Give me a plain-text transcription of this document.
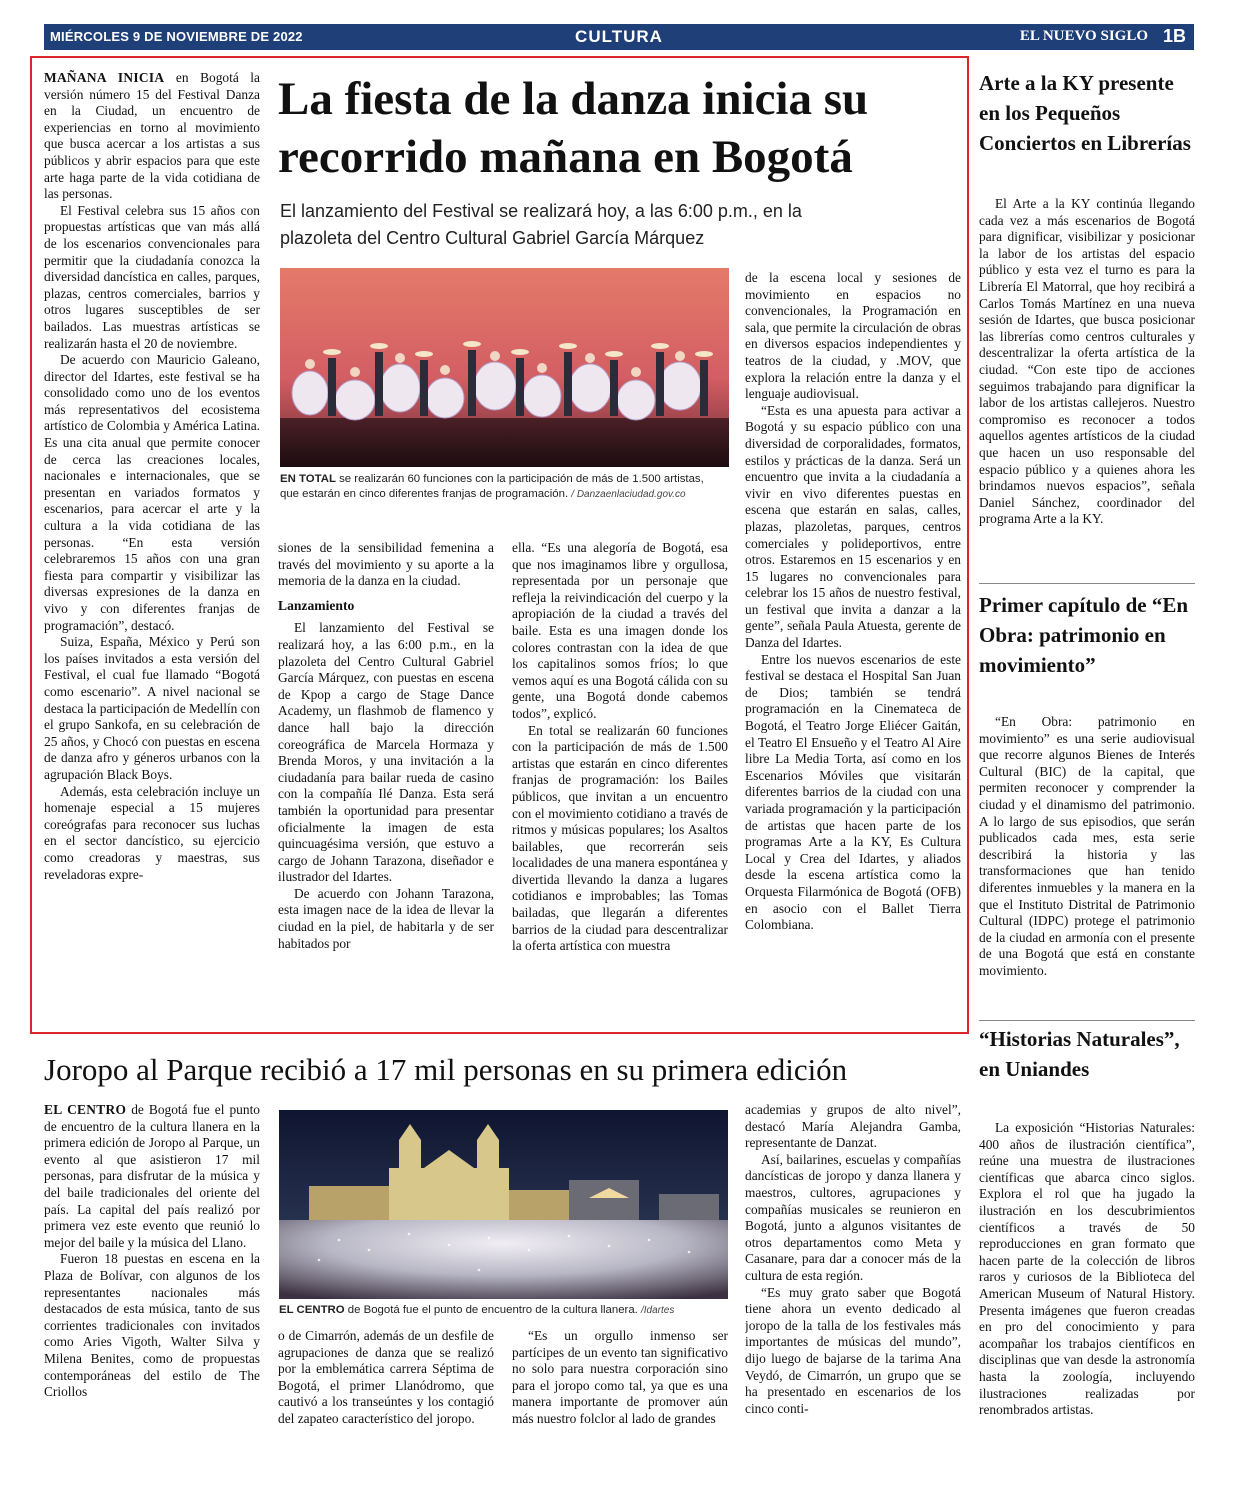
MIÉRCOLES 9 DE NOVIEMBRE DE 2022	CULTURA	EL NUEVO SIGLO 1B

MAÑANA INICIA en Bogotá la versión número 15 del Festival Danza en la Ciudad, un encuentro de experiencias en torno al movimiento que busca acercar a los artistas a sus públicos y abrir espacios para que este arte haga parte de la vida cotidiana de las personas.

El Festival celebra sus 15 años con propuestas artísticas que van más allá de los escenarios convencionales para permitir que la ciudadanía conozca la diversidad dancística en calles, parques, plazas, centros comerciales, barrios y otros lugares susceptibles de ser bailados. Las muestras artísticas se realizarán hasta el 20 de noviembre.

De acuerdo con Mauricio Galeano, director del Idartes, este festival se ha consolidado como uno de los eventos más representativos del ecosistema artístico de Colombia y América Latina. Es una cita anual que permite conocer de cerca las creaciones locales, nacionales e internacionales, que se presentan en variados formatos y escenarios, para acercar el arte y la cultura a la vida cotidiana de las personas. “En esta versión celebraremos 15 años con una gran fiesta para compartir y visibilizar las diversas expresiones de la danza en vivo y con diferentes franjas de programación”, destacó.

Suiza, España, México y Perú son los países invitados a esta versión del Festival, el cual fue llamado “Bogotá como escenario”. A nivel nacional se destaca la participación de Medellín con el grupo Sankofa, en su celebración de 25 años, y Chocó con puestas en escena de danza afro y géneros urbanos con la agrupación Black Boys.

Además, esta celebración incluye un homenaje especial a 15 mujeres coreógrafas para reconocer sus luchas en el sector dancístico, su ejercicio como creadoras y maestras, sus reveladoras expre-

La fiesta de la danza inicia su
recorrido mañana en Bogotá
El lanzamiento del Festival se realizará hoy, a las 6:00 p.m., en la
plazoleta del Centro Cultural Gabriel García Márquez
EN TOTAL se realizarán 60 funciones con la participación de más de 1.500 artistas, que estarán en cinco diferentes franjas de programación. / Danzaenlaciudad.gov.co

siones de la sensibilidad femenina a través del movimiento y su aporte a la memoria de la danza en la ciudad.

Lanzamiento

El lanzamiento del Festival se realizará hoy, a las 6:00 p.m., en la plazoleta del Centro Cultural Gabriel García Márquez, con puestas en escena de Kpop a cargo de Stage Dance Academy, un flashmob de flamenco y dance hall bajo la dirección coreográfica de Marcela Hormaza y Brenda Moros, y una invitación a la ciudadanía para bailar rueda de casino con la compañía Ilé Danza. Esta será también la oportunidad para presentar oficialmente la imagen de esta quincuagésima versión, que estuvo a cargo de Johann Tarazona, diseñador e ilustrador del Idartes.

De acuerdo con Johann Tarazona, esta imagen nace de la idea de llevar la ciudad en la piel, de habitarla y de ser habitados por

ella. “Es una alegoría de Bogotá, esa que nos imaginamos libre y orgullosa, representada por un personaje que refleja la reivindicación del cuerpo y la apropiación de la ciudad a través del baile. Esta es una imagen donde los colores contrastan con la idea de que los capitalinos somos fríos; lo que vemos aquí es una Bogotá cálida con su gente, una Bogotá donde cabemos todos”, explicó.

En total se realizarán 60 funciones con la participación de más de 1.500 artistas que estarán en cinco diferentes franjas de programación: los Bailes públicos, que invitan a un encuentro con el movimiento cotidiano a través de ritmos y músicas populares; los Asaltos bailables, que recorrerán seis localidades de una manera espontánea y divertida llevando la danza a lugares cotidianos e improbables; las Tomas bailadas, que llegarán a diferentes barrios de la ciudad para descentralizar la oferta artística con muestra

de la escena local y sesiones de movimiento en espacios no convencionales, la Programación en sala, que permite la circulación de obras en diversos espacios independientes y teatros de la ciudad, y .MOV, que explora la relación entre la danza y el lenguaje audiovisual.

“Esta es una apuesta para activar a Bogotá y su espacio público con una diversidad de corporalidades, formatos, estilos y prácticas de la danza. Será un encuentro que invita a la ciudadanía a vivir en vivo diferentes puestas en escena que estarán en salas, calles, plazas, plazoletas, parques, centros comerciales y polideportivos, entre otros. Estaremos en 15 escenarios y en 15 lugares no convencionales para celebrar los 15 años de nuestro festival, un festival que invita a danzar a la gente”, señala Paula Atuesta, gerente de Danza del Idartes.

Entre los nuevos escenarios de este festival se destaca el Hospital San Juan de Dios; también se tendrá programación en la Cinemateca de Bogotá, el Teatro Jorge Eliécer Gaitán, el Teatro El Ensueño y el Teatro Al Aire libre La Media Torta, así como en los Escenarios Móviles que visitarán diferentes barrios de la ciudad con una variada programación y la participación de artistas que hacen parte de los programas Arte a la KY, Es Cultura Local y Crea del Idartes, y aliados desde la escena artística como la Orquesta Filarmónica de Bogotá (OFB) en asocio con el Ballet Tierra Colombiana.

Joropo al Parque recibió a 17 mil personas en su primera edición

EL CENTRO de Bogotá fue el punto de encuentro de la cultura llanera en la primera edición de Joropo al Parque, un evento al que asistieron 17 mil personas, para disfrutar de la música y del baile tradicionales del oriente del país. La capital del país realizó por primera vez este evento que reunió lo mejor del baile y la música del Llano.

Fueron 18 puestas en escena en la Plaza de Bolívar, con algunos de los representantes nacionales más destacados de esta música, tanto de sus corrientes tradicionales con invitados como Aries Vigoth, Walter Silva y Milena Benites, como de propuestas contemporáneas del estilo de The Criollos

EL CENTRO de Bogotá fue el punto de encuentro de la cultura llanera. /Idartes

o de Cimarrón, además de un desfile de agrupaciones de danza que se realizó por la emblemática carrera Séptima de Bogotá, el primer Llanódromo, que cautivó a los transeúntes y los contagió del zapateo característico del joropo.

“Es un orgullo inmenso ser partícipes de un evento tan significativo no solo para nuestra corporación sino para el joropo como tal, ya que es una manera importante de promover aún más nuestro folclor al lado de grandes

academias y grupos de alto nivel”, destacó María Alejandra Gamba, representante de Danzat.

Así, bailarines, escuelas y compañías dancísticas de joropo y danza llanera y maestros, cultores, agrupaciones y compañías musicales se reunieron en Bogotá, junto a algunos visitantes de otros departamentos como Meta y Casanare, para dar a conocer más de la cultura de esta región.

“Es muy grato saber que Bogotá tiene ahora un evento dedicado al joropo de la talla de los festivales más importantes de músicas del mundo”, dijo luego de bajarse de la tarima Ana Veydó, de Cimarrón, un grupo que se ha presentado en escenarios de los cinco conti-

Arte a la KY presente en los Pequeños Conciertos en Librerías

El Arte a la KY continúa llegando cada vez a más escenarios de Bogotá para dignificar, visibilizar y posicionar la labor de los artistas del espacio público y esta vez el turno es para la Librería El Matorral, que hoy recibirá a Carlos Tomás Martínez en una nueva sesión de Idartes, que busca posicionar las librerías como centros culturales y descentralizar la oferta artística de la ciudad. “Con este tipo de acciones seguimos trabajando para dignificar la labor de los artistas callejeros. Nuestro compromiso es reconocer a todos aquellos agentes artísticos de la ciudad que hacen un uso responsable del espacio público y a quienes ahora les brindamos nuevos espacios”, señala Daniel Sánchez, coordinador del programa Arte a la KY.

Primer capítulo de “En Obra: patrimonio en movimiento”

“En Obra: patrimonio en movimiento” es una serie audiovisual que recorre algunos Bienes de Interés Cultural (BIC) de la capital, que permiten reconocer y comprender la ciudad y el dinamismo del patrimonio. A lo largo de sus episodios, que serán publicados cada mes, esta serie describirá la historia y las transformaciones que han tenido diferentes inmuebles y la manera en la que el Instituto Distrital de Patrimonio Cultural (IDPC) protege el patrimonio de la ciudad en armonía con el presente de una Bogotá que está en constante movimiento.

“Historias Naturales”, en Uniandes

La exposición “Historias Naturales: 400 años de ilustración científica”, reúne una muestra de ilustraciones científicas que abarca cinco siglos. Explora el rol que ha jugado la ilustración en los descubrimientos científicos a través de 50 reproducciones en gran formato que hacen parte de la colección de libros raros y curiosos de la Biblioteca del American Museum of Natural History. Presenta imágenes que fueron creadas en pro del conocimiento y para acompañar los trabajos científicos en disciplinas que van desde la astronomía hasta la zoología, incluyendo ilustraciones realizadas por renombrados artistas.
